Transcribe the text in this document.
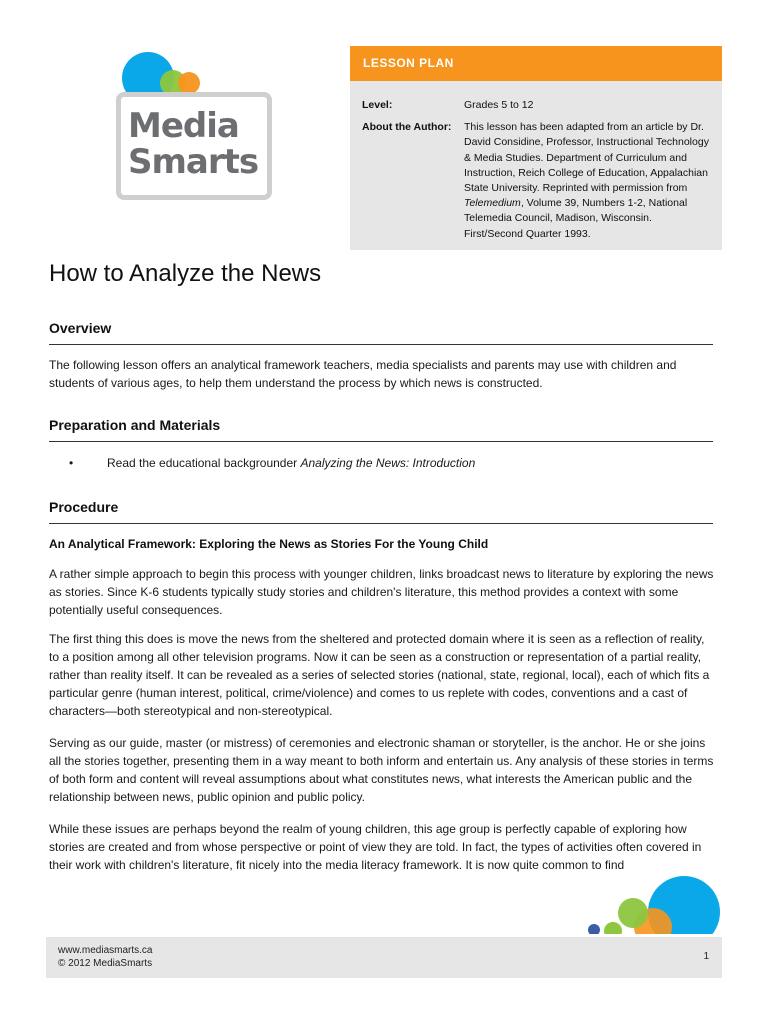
Media
Smarts
LESSON PLAN
Level:	Grades 5 to 12
About the Author:	This lesson has been adapted from an article by Dr. David Considine, Professor, Instructional Technology & Media Studies. Department of Curriculum and Instruction, Reich College of Education, Appalachian State University. Reprinted with permission from Telemedium, Volume 39, Numbers 1-2, National Telemedia Council, Madison, Wisconsin. First/Second Quarter 1993.
How to Analyze the News
Overview

The following lesson offers an analytical framework teachers, media specialists and parents may use with children and students of various ages, to help them understand the process by which news is constructed.

Preparation and Materials
•	Read the educational backgrounder Analyzing the News: Introduction
Procedure
An Analytical Framework: Exploring the News as Stories For the Young Child

A rather simple approach to begin this process with younger children, links broadcast news to literature by exploring the news as stories. Since K-6 students typically study stories and children's literature, this method provides a context with some potentially useful consequences.

The first thing this does is move the news from the sheltered and protected domain where it is seen as a reflection of reality, to a position among all other television programs. Now it can be seen as a construction or representation of a partial reality, rather than reality itself. It can be revealed as a series of selected stories (national, state, regional, local), each of which fits a particular genre (human interest, political, crime/violence) and comes to us replete with codes, conventions and a cast of characters—both stereotypical and non-stereotypical.

Serving as our guide, master (or mistress) of ceremonies and electronic shaman or storyteller, is the anchor. He or she joins all the stories together, presenting them in a way meant to both inform and entertain us. Any analysis of these stories in terms of both form and content will reveal assumptions about what constitutes news, what interests the American public and the relationship between news, public opinion and public policy.

While these issues are perhaps beyond the realm of young children, this age group is perfectly capable of exploring how stories are created and from whose perspective or point of view they are told. In fact, the types of activities often covered in their work with children's literature, fit nicely into the media literacy framework. It is now quite common to find

www.mediasmarts.ca
© 2012 MediaSmarts
1
